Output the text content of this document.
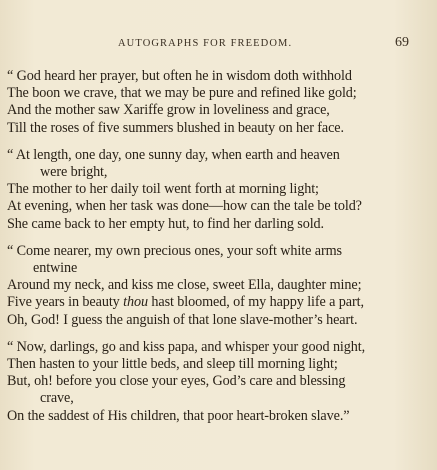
AUTOGRAPHS FOR FREEDOM.	69
“ God heard her prayer, but often he in wisdom doth withhold
The boon we crave, that we may be pure and refined like gold;
And the mother saw Xariffe grow in loveliness and grace,
Till the roses of five summers blushed in beauty on her face.
“ At length, one day, one sunny day, when earth and heaven
were bright,
The mother to her daily toil went forth at morning light;
At evening, when her task was done—how can the tale be told?
She came back to her empty hut, to find her darling sold.
“ Come nearer, my own precious ones, your soft white arms
entwine
Around my neck, and kiss me close, sweet Ella, daughter mine;
Five years in beauty thou hast bloomed, of my happy life a part,
Oh, God! I guess the anguish of that lone slave-mother’s heart.
“ Now, darlings, go and kiss papa, and whisper your good night,
Then hasten to your little beds, and sleep till morning light;
But, oh! before you close your eyes, God’s care and blessing
crave,
On the saddest of His children, that poor heart-broken slave.”
